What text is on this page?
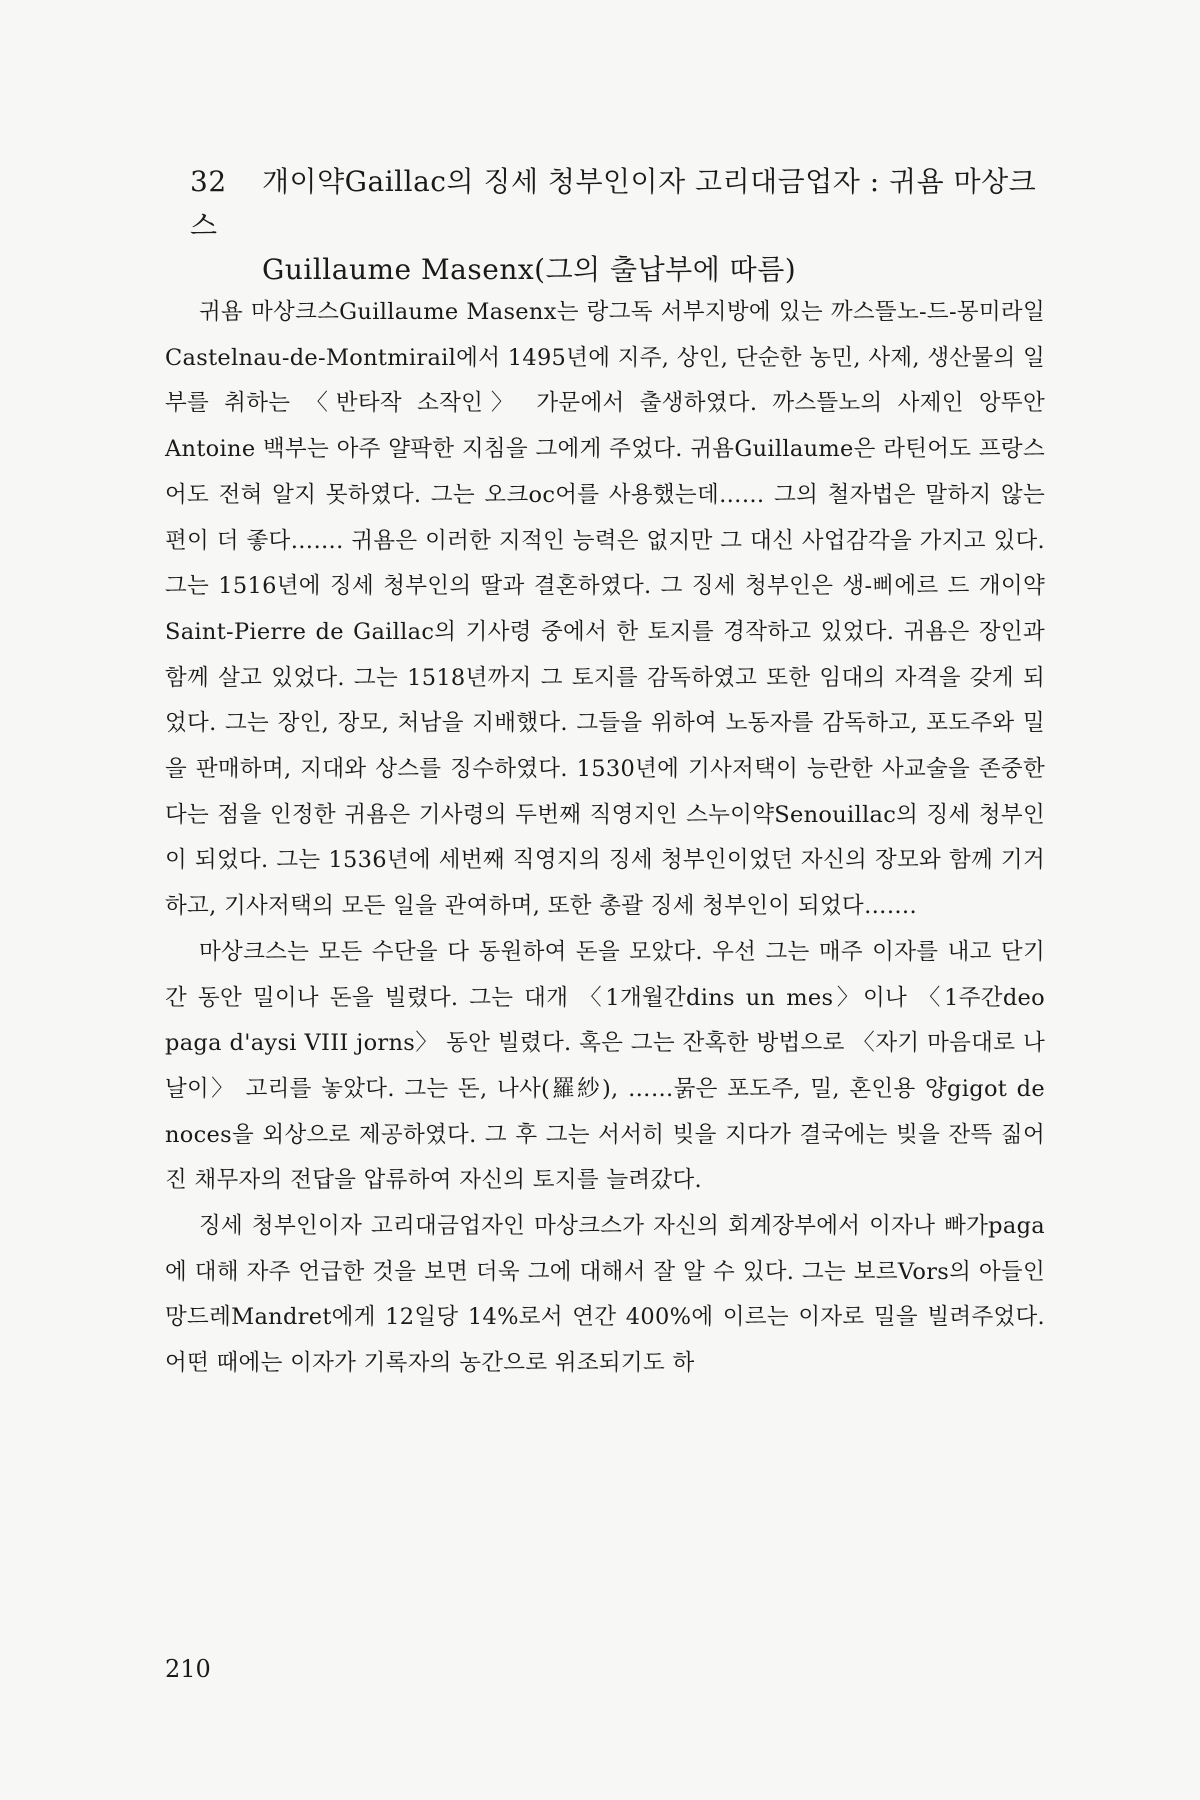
32 개이약Gaillac의 징세 청부인이자 고리대금업자 : 귀욤 마상크스
Guillaume Masenx(그의 출납부에 따름)

귀욤 마상크스Guillaume Masenx는 랑그독 서부지방에 있는 까스뜰노-드-몽미라일Castelnau-de-Montmirail에서 1495년에 지주, 상인, 단순한 농민, 사제, 생산물의 일부를 취하는 〈반타작 소작인〉 가문에서 출생하였다. 까스뜰노의 사제인 앙뚜안Antoine 백부는 아주 얄팍한 지침을 그에게 주었다. 귀욤Guillaume은 라틴어도 프랑스어도 전혀 알지 못하였다. 그는 오크oc어를 사용했는데…… 그의 철자법은 말하지 않는 편이 더 좋다……. 귀욤은 이러한 지적인 능력은 없지만 그 대신 사업감각을 가지고 있다. 그는 1516년에 징세 청부인의 딸과 결혼하였다. 그 징세 청부인은 생-삐에르 드 개이약Saint-Pierre de Gaillac의 기사령 중에서 한 토지를 경작하고 있었다. 귀욤은 장인과 함께 살고 있었다. 그는 1518년까지 그 토지를 감독하였고 또한 임대의 자격을 갖게 되었다. 그는 장인, 장모, 처남을 지배했다. 그들을 위하여 노동자를 감독하고, 포도주와 밀을 판매하며, 지대와 상스를 징수하였다. 1530년에 기사저택이 능란한 사교술을 존중한다는 점을 인정한 귀욤은 기사령의 두번째 직영지인 스누이약Senouillac의 징세 청부인이 되었다. 그는 1536년에 세번째 직영지의 징세 청부인이었던 자신의 장모와 함께 기거하고, 기사저택의 모든 일을 관여하며, 또한 총괄 징세 청부인이 되었다…….

마상크스는 모든 수단을 다 동원하여 돈을 모았다. 우선 그는 매주 이자를 내고 단기간 동안 밀이나 돈을 빌렸다. 그는 대개 〈1개월간dins un mes〉이나 〈1주간deo paga d'aysi VIII jorns〉 동안 빌렸다. 혹은 그는 잔혹한 방법으로 〈자기 마음대로 나날이〉 고리를 놓았다. 그는 돈, 나사(羅紗), ……묽은 포도주, 밀, 혼인용 양gigot de noces을 외상으로 제공하였다. 그 후 그는 서서히 빚을 지다가 결국에는 빚을 잔뜩 짊어진 채무자의 전답을 압류하여 자신의 토지를 늘려갔다.

징세 청부인이자 고리대금업자인 마상크스가 자신의 회계장부에서 이자나 빠가paga에 대해 자주 언급한 것을 보면 더욱 그에 대해서 잘 알 수 있다. 그는 보르Vors의 아들인 망드레Mandret에게 12일당 14%로서 연간 400%에 이르는 이자로 밀을 빌려주었다. 어떤 때에는 이자가 기록자의 농간으로 위조되기도 하

210
